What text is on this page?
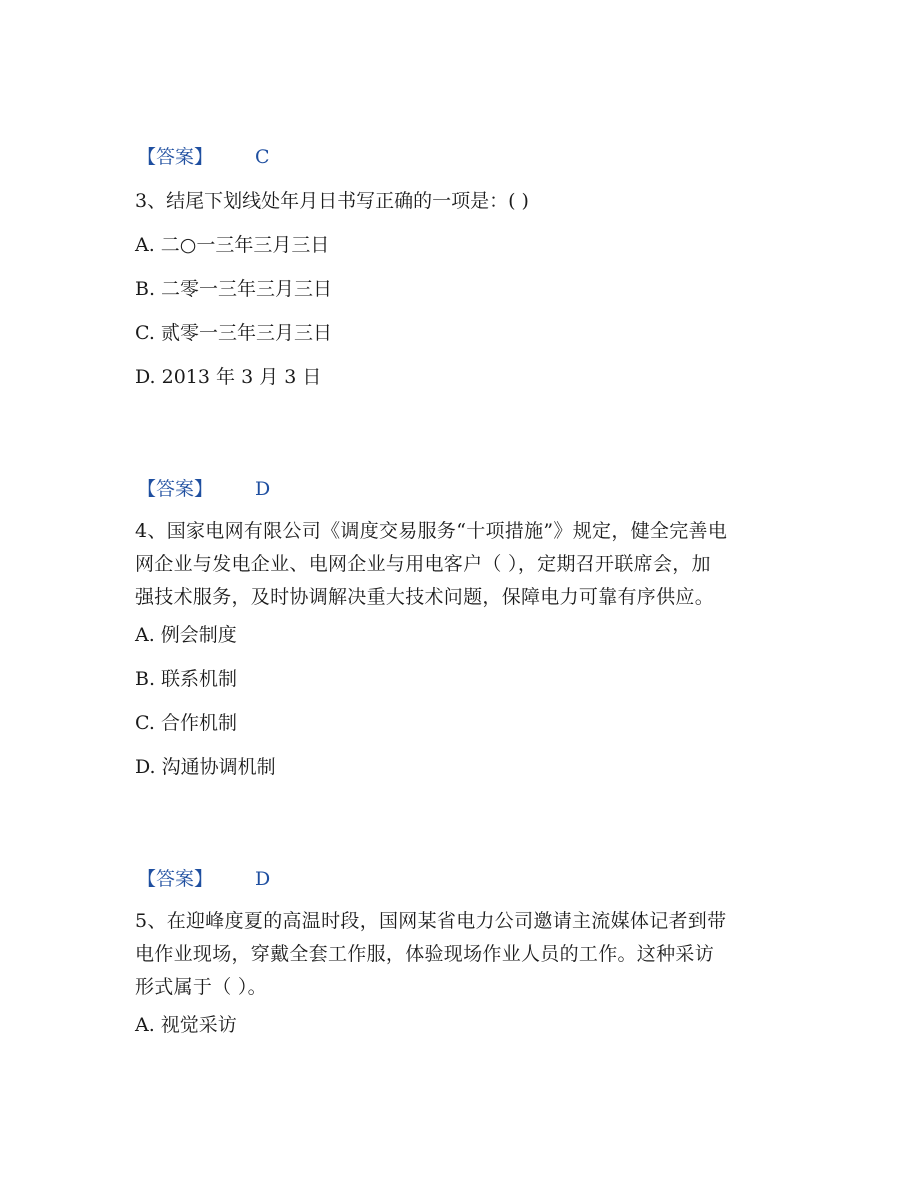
【答案】 C
3、结尾下划线处年月日书写正确的一项是：( )
A. 二○一三年三月三日
B. 二零一三年三月三日
C. 贰零一三年三月三日
D. 2013 年 3 月 3 日
【答案】 D
4、国家电网有限公司《调度交易服务“十项措施”》规定，健全完善电
网企业与发电企业、电网企业与用电客户（ ），定期召开联席会，加
强技术服务，及时协调解决重大技术问题，保障电力可靠有序供应。
A. 例会制度
B. 联系机制
C. 合作机制
D. 沟通协调机制
【答案】 D
5、在迎峰度夏的高温时段，国网某省电力公司邀请主流媒体记者到带
电作业现场，穿戴全套工作服，体验现场作业人员的工作。这种采访
形式属于（ ）。
A. 视觉采访
